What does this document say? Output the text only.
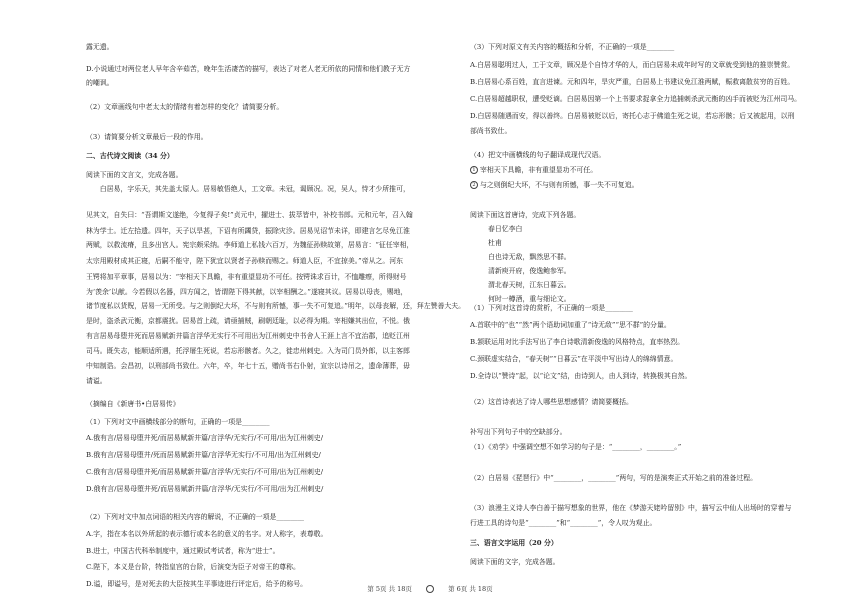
露无遗。
D.小说通过对两位老人早年含辛茹苦，晚年生活凄苦的描写，表达了对老人老无所依的同情和他们教子无方
的嘲讽。
（2）文章画线句中老太太的情绪有着怎样的变化？请简要分析。
（3）请简要分析文章最后一段的作用。
二、古代诗文阅读（34 分）
阅读下面的文言文，完成各题。
　　白居易，字乐天，其先盖太原人。居易敏悟绝人，工文章。未冠，谒顾况。况，吴人，恃才少所推可，
见其文，自失曰：“吾谓斯文遂绝，今复得子矣!”贞元中，擢进士、拔萃皆中，补校书郎。元和元年，召入翰
林为学士。迁左拾遗。四年，天子以旱甚，下诏有所蠲贷，振除灾沴。居易见诏节未详，即建言乞尽免江淮
两赋，以救流瘠，且多出宫人。宪宗颇采纳。李师道上私钱六百万，为魏征孙赎故第，居易言：“征任宰相，
太宗用殿材成其正寝，后嗣不能守，陛下犹宜以贤者子孙赎而赐之。师道人臣，不宜掠美。”帝从之。河东
王锷将加平章事，居易以为：“宰相天下具瞻，非有重望显功不可任。按锷诛求百计，不恤雕瘵，所得财号
为‘羡余’以献。今若假以名器，四方闻之，皆谓陛下得其献，以宰相酬之。”遂寝其议。居易以母丧，赐地，
诸节度私以货贶，居易一无所受。与之则倒纪大坏，不与则有所憾，事一失不可复追。”明年，以母丧解，还，拜左赞善大夫。
是时，盗杀武元衡，京都震扰。居易首上疏，请亟捕贼，刷朝廷耻，以必得为期。宰相嫌其出位，不悦。俄
有言居易母堕井死而居易赋新井篇言浮华无实行不可用出为江州刺史中书舍人王涯上言不宜治郡，追贬江州
司马。既失志，能顺适所遇，托浮屠生死说，若忘形骸者。久之，徙忠州刺史。入为司门员外郎，以主客郎
中知制诰。会昌初，以刑部尚书致仕。六年，卒，年七十五，赠尚书右仆射，宣宗以诗吊之，遗命薄葬，毋
请谥。
（摘编自《新唐书•白居易传》
（1）下列对文中画横线部分的断句，正确的一项是________
A.俄有言/居易母堕井死/而居易赋新井篇/言浮华/无实行/不可用/出为江州刺史/
B.俄有言/居易母堕井/死而居易赋新井篇/言浮华无实行/不可用/出为江州刺史/
C.俄有言/居易母堕井死/而居易赋新井篇/言浮华/无实行/不可用/出为江州刺史/
D.俄有言/居易母堕井死/而居易赋新井篇/言浮华/无实行/不可用/出为江州刺史/
（2）下列对文中加点词语的相关内容的解说，不正确的一项是________
A.字，指在本名以外所起的表示德行或本名的意义的名字。对人称字，表尊敬。
B.进士，中国古代科举制度中，通过殿试考试者，称为“进士”。
C.陛下，本义是台阶，特指皇宫的台阶，后演变为臣子对帝王的尊称。
D.谥，即谥号，是对死去的大臣按其生平事迹进行评定后，给予的称号。
（3）下列对原文有关内容的概括和分析，不正确的一项是________
A.白居易聪明过人，工于文章，顾况是个自恃才华的人，而白居易未成年时写的文章就受到他的推崇赞赏。
B.白居易心系百姓，直言进谏。元和四年，旱灾严重，白居易上书建议免江淮两赋，赈救离散贫穷的百姓。
C.白居易超越职权，遭受贬谪。白居易因第一个上书要求捉拿全力追捕刺杀武元衡的凶手而被贬为江州司马。
D.白居易随遇而安，得以善终。白居易被贬以后，寄托心志于佛道生死之说，若忘形骸；后又被起用，以刑
部尚书致仕。
（4）把文中画横线的句子翻译成现代汉语。
1 宰相天下具瞻，非有重望显功不可任。
2 与之则倒纪大坏，不与则有所憾，事一失不可复追。
阅读下面这首唐诗，完成下列各题。
春日忆李白
杜甫
白也诗无敌，飘然思不群。
清新庾开府，俊逸鲍参军。
渭北春天树，江东日暮云。
何时一樽酒，重与细论文。
（1）下列对这首诗的赏析，不正确的一项是________
A.首联中的“也”“然”两个语助词加重了“诗无敌”“思不群”的分量。
B.颔联运用对比手法写出了李白诗歌清新俊逸的风格特点，直率热烈。
C.颈联虚实结合，“春天树”“日暮云”在平淡中写出诗人的绵绵情意。
D.全诗以“赞诗”起，以“论文”结，由诗到人，由人到诗，转换极其自然。
（2）这首诗表达了诗人哪些思想感情？请简要概括。
补写出下列句子中的空缺部分。
（1）《劝学》中强调空想不如学习的句子是：“________，________。”
（2）白居易《琵琶行》中“________，________”两句，写的是演奏正式开始之前的准备过程。
（3）浪漫主义诗人李白善于描写想象的世界，他在《梦游天姥吟留别》中，描写云中仙人出场时的穿着与
行进工具的诗句是“________”和“________”，令人叹为观止。
三、语言文字运用（20 分）
阅读下面的文字，完成各题。
第 5页 共 18页	第 6页 共 18页
